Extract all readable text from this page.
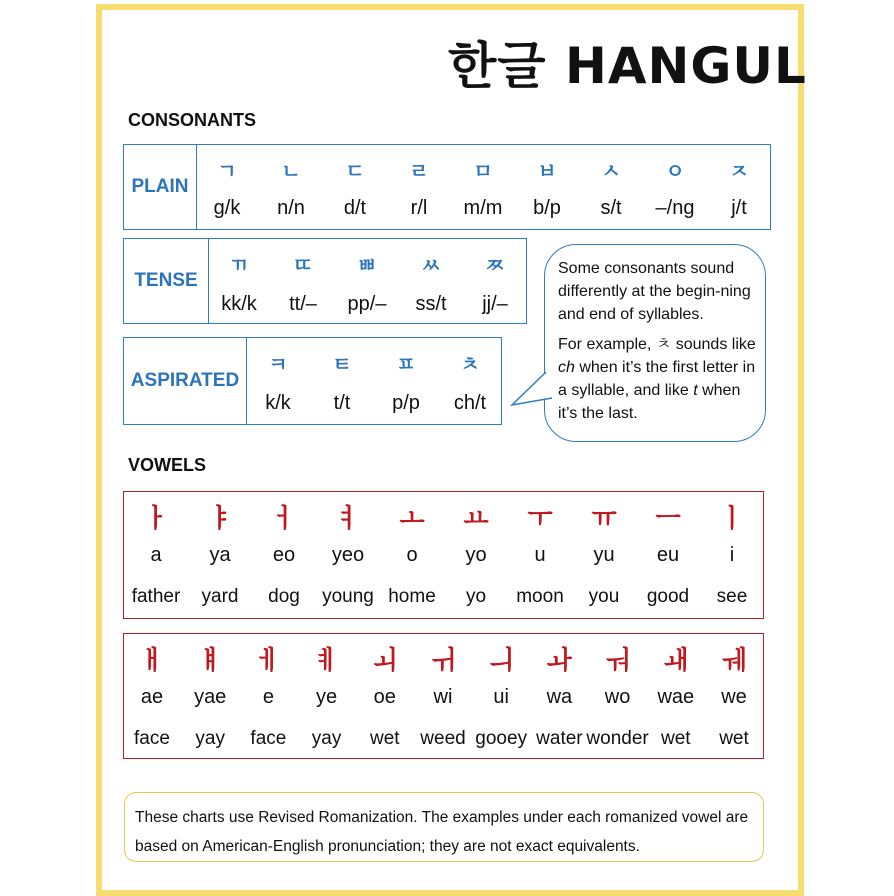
한글 HANGUL
CONSONANTS
PLAIN
ㄱ
g/k
ㄴ
n/n
ㄷ
d/t
ㄹ
r/l
ㅁ
m/m
ㅂ
b/p
ㅅ
s/t
ㅇ
–/ng
ㅈ
j/t
TENSE
ㄲ
kk/k
ㄸ
tt/–
ㅃ
pp/–
ㅆ
ss/t
ㅉ
jj/–
ASPIRATED
ㅋ
k/k
ㅌ
t/t
ㅍ
p/p
ㅊ
ch/t

Some consonants sound differently at the begin-ning and end of syllables.

For example, ㅊ sounds like ch when it’s the first letter in a syllable, and like t when it’s the last.

VOWELS
ㅏ
a
father
ㅑ
ya
yard
ㅓ
eo
dog
ㅕ
yeo
young
ㅗ
o
home
ㅛ
yo
yo
ㅜ
u
moon
ㅠ
yu
you
ㅡ
eu
good
ㅣ
i
see
ㅐ
ae
face
ㅒ
yae
yay
ㅔ
e
face
ㅖ
ye
yay
ㅚ
oe
wet
ㅟ
wi
weed
ㅢ
ui
gooey
ㅘ
wa
water
ㅝ
wo
wonder
ㅙ
wae
wet
ㅞ
we
wet
These charts use Revised Romanization. The examples under each romanized vowel are based on American-English pronunciation; they are not exact equivalents.
